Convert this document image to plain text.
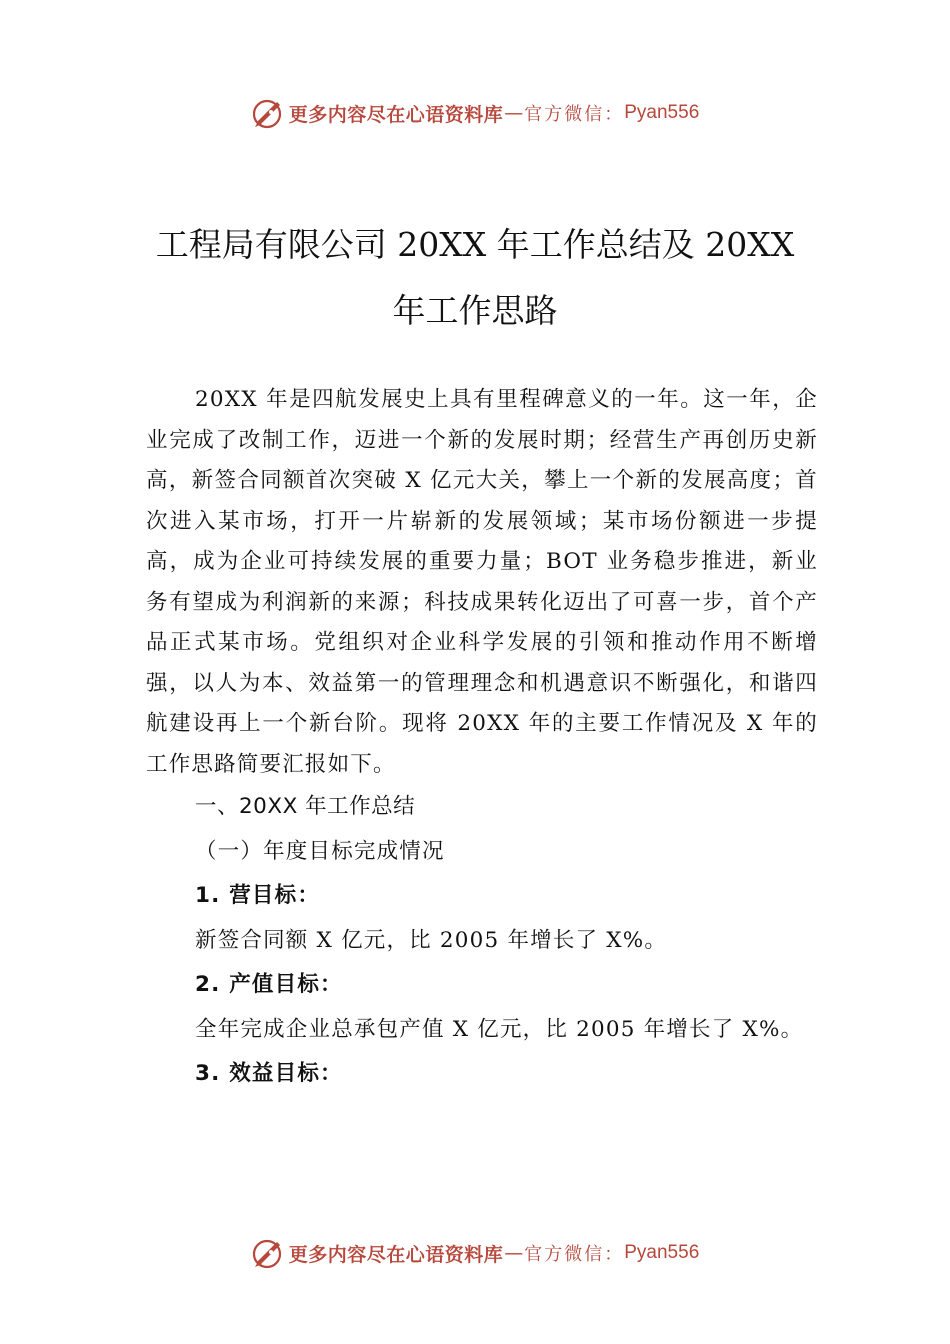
更多内容尽在心语资料库 — 官方微信： Pyan556
工程局有限公司 20XX 年工作总结及 20XX
年工作思路

20XX 年是四航发展史上具有里程碑意义的一年。这一年，企业完成了改制工作，迈进一个新的发展时期；经营生产再创历史新高，新签合同额首次突破 X 亿元大关，攀上一个新的发展高度；首次进入某市场，打开一片崭新的发展领域；某市场份额进一步提高，成为企业可持续发展的重要力量；BOT 业务稳步推进，新业务有望成为利润新的来源；科技成果转化迈出了可喜一步，首个产品正式某市场。党组织对企业科学发展的引领和推动作用不断增强，以人为本、效益第一的管理理念和机遇意识不断强化，和谐四航建设再上一个新台阶。现将 20XX 年的主要工作情况及 X 年的工作思路简要汇报如下。

一、20XX 年工作总结

（一）年度目标完成情况

1. 营目标：

新签合同额 X 亿元，比 2005 年增长了 X%。

2. 产值目标：

全年完成企业总承包产值 X 亿元，比 2005 年增长了 X%。

3. 效益目标：

更多内容尽在心语资料库 — 官方微信： Pyan556
